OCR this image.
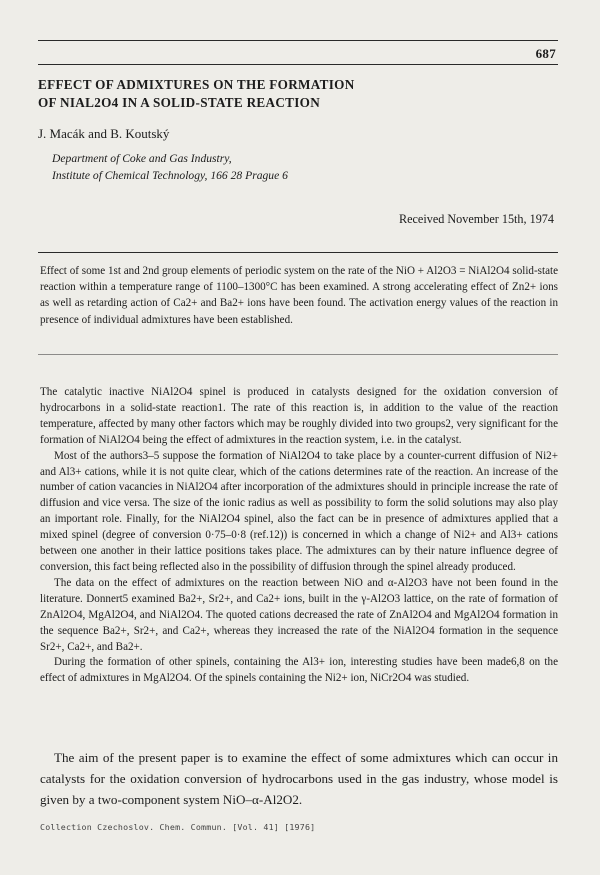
687
EFFECT OF ADMIXTURES ON THE FORMATION
OF NIAL2O4 IN A SOLID-STATE REACTION
J. Macák and B. Koutský
Department of Coke and Gas Industry,
Institute of Chemical Technology, 166 28 Prague 6
Received November 15th, 1974
Effect of some 1st and 2nd group elements of periodic system on the rate of the NiO + Al2O3 = NiAl2O4 solid-state reaction within a temperature range of 1100–1300°C has been examined. A strong accelerating effect of Zn2+ ions as well as retarding action of Ca2+ and Ba2+ ions have been found. The activation energy values of the reaction in presence of individual admixtures have been established.

The catalytic inactive NiAl2O4 spinel is produced in catalysts designed for the oxidation conversion of hydrocarbons in a solid-state reaction1. The rate of this reaction is, in addition to the value of the reaction temperature, affected by many other factors which may be roughly divided into two groups2, very significant for the formation of NiAl2O4 being the effect of admixtures in the reaction system, i.e. in the catalyst.

Most of the authors3–5 suppose the formation of NiAl2O4 to take place by a counter-current diffusion of Ni2+ and Al3+ cations, while it is not quite clear, which of the cations determines rate of the reaction. An increase of the number of cation vacancies in NiAl2O4 after incorporation of the admixtures should in principle increase the rate of diffusion and vice versa. The size of the ionic radius as well as possibility to form the solid solutions may also play an important role. Finally, for the NiAl2O4 spinel, also the fact can be in presence of admixtures applied that a mixed spinel (degree of conversion 0·75–0·8 (ref.12)) is concerned in which a change of Ni2+ and Al3+ cations between one another in their lattice positions takes place. The admixtures can by their nature influence degree of conversion, this fact being reflected also in the possibility of diffusion through the spinel already produced.

The data on the effect of admixtures on the reaction between NiO and α-Al2O3 have not been found in the literature. Donnert5 examined Ba2+, Sr2+, and Ca2+ ions, built in the γ-Al2O3 lattice, on the rate of formation of ZnAl2O4, MgAl2O4, and NiAl2O4. The quoted cations decreased the rate of ZnAl2O4 and MgAl2O4 formation in the sequence Ba2+, Sr2+, and Ca2+, whereas they increased the rate of the NiAl2O4 formation in the sequence Sr2+, Ca2+, and Ba2+.

During the formation of other spinels, containing the Al3+ ion, interesting studies have been made6,8 on the effect of admixtures in MgAl2O4. Of the spinels containing the Ni2+ ion, NiCr2O4 was studied.

The aim of the present paper is to examine the effect of some admixtures which can occur in catalysts for the oxidation conversion of hydrocarbons used in the gas industry, whose model is given by a two-component system NiO–α-Al2O2.
Collection Czechoslov. Chem. Commun. [Vol. 41] [1976]
